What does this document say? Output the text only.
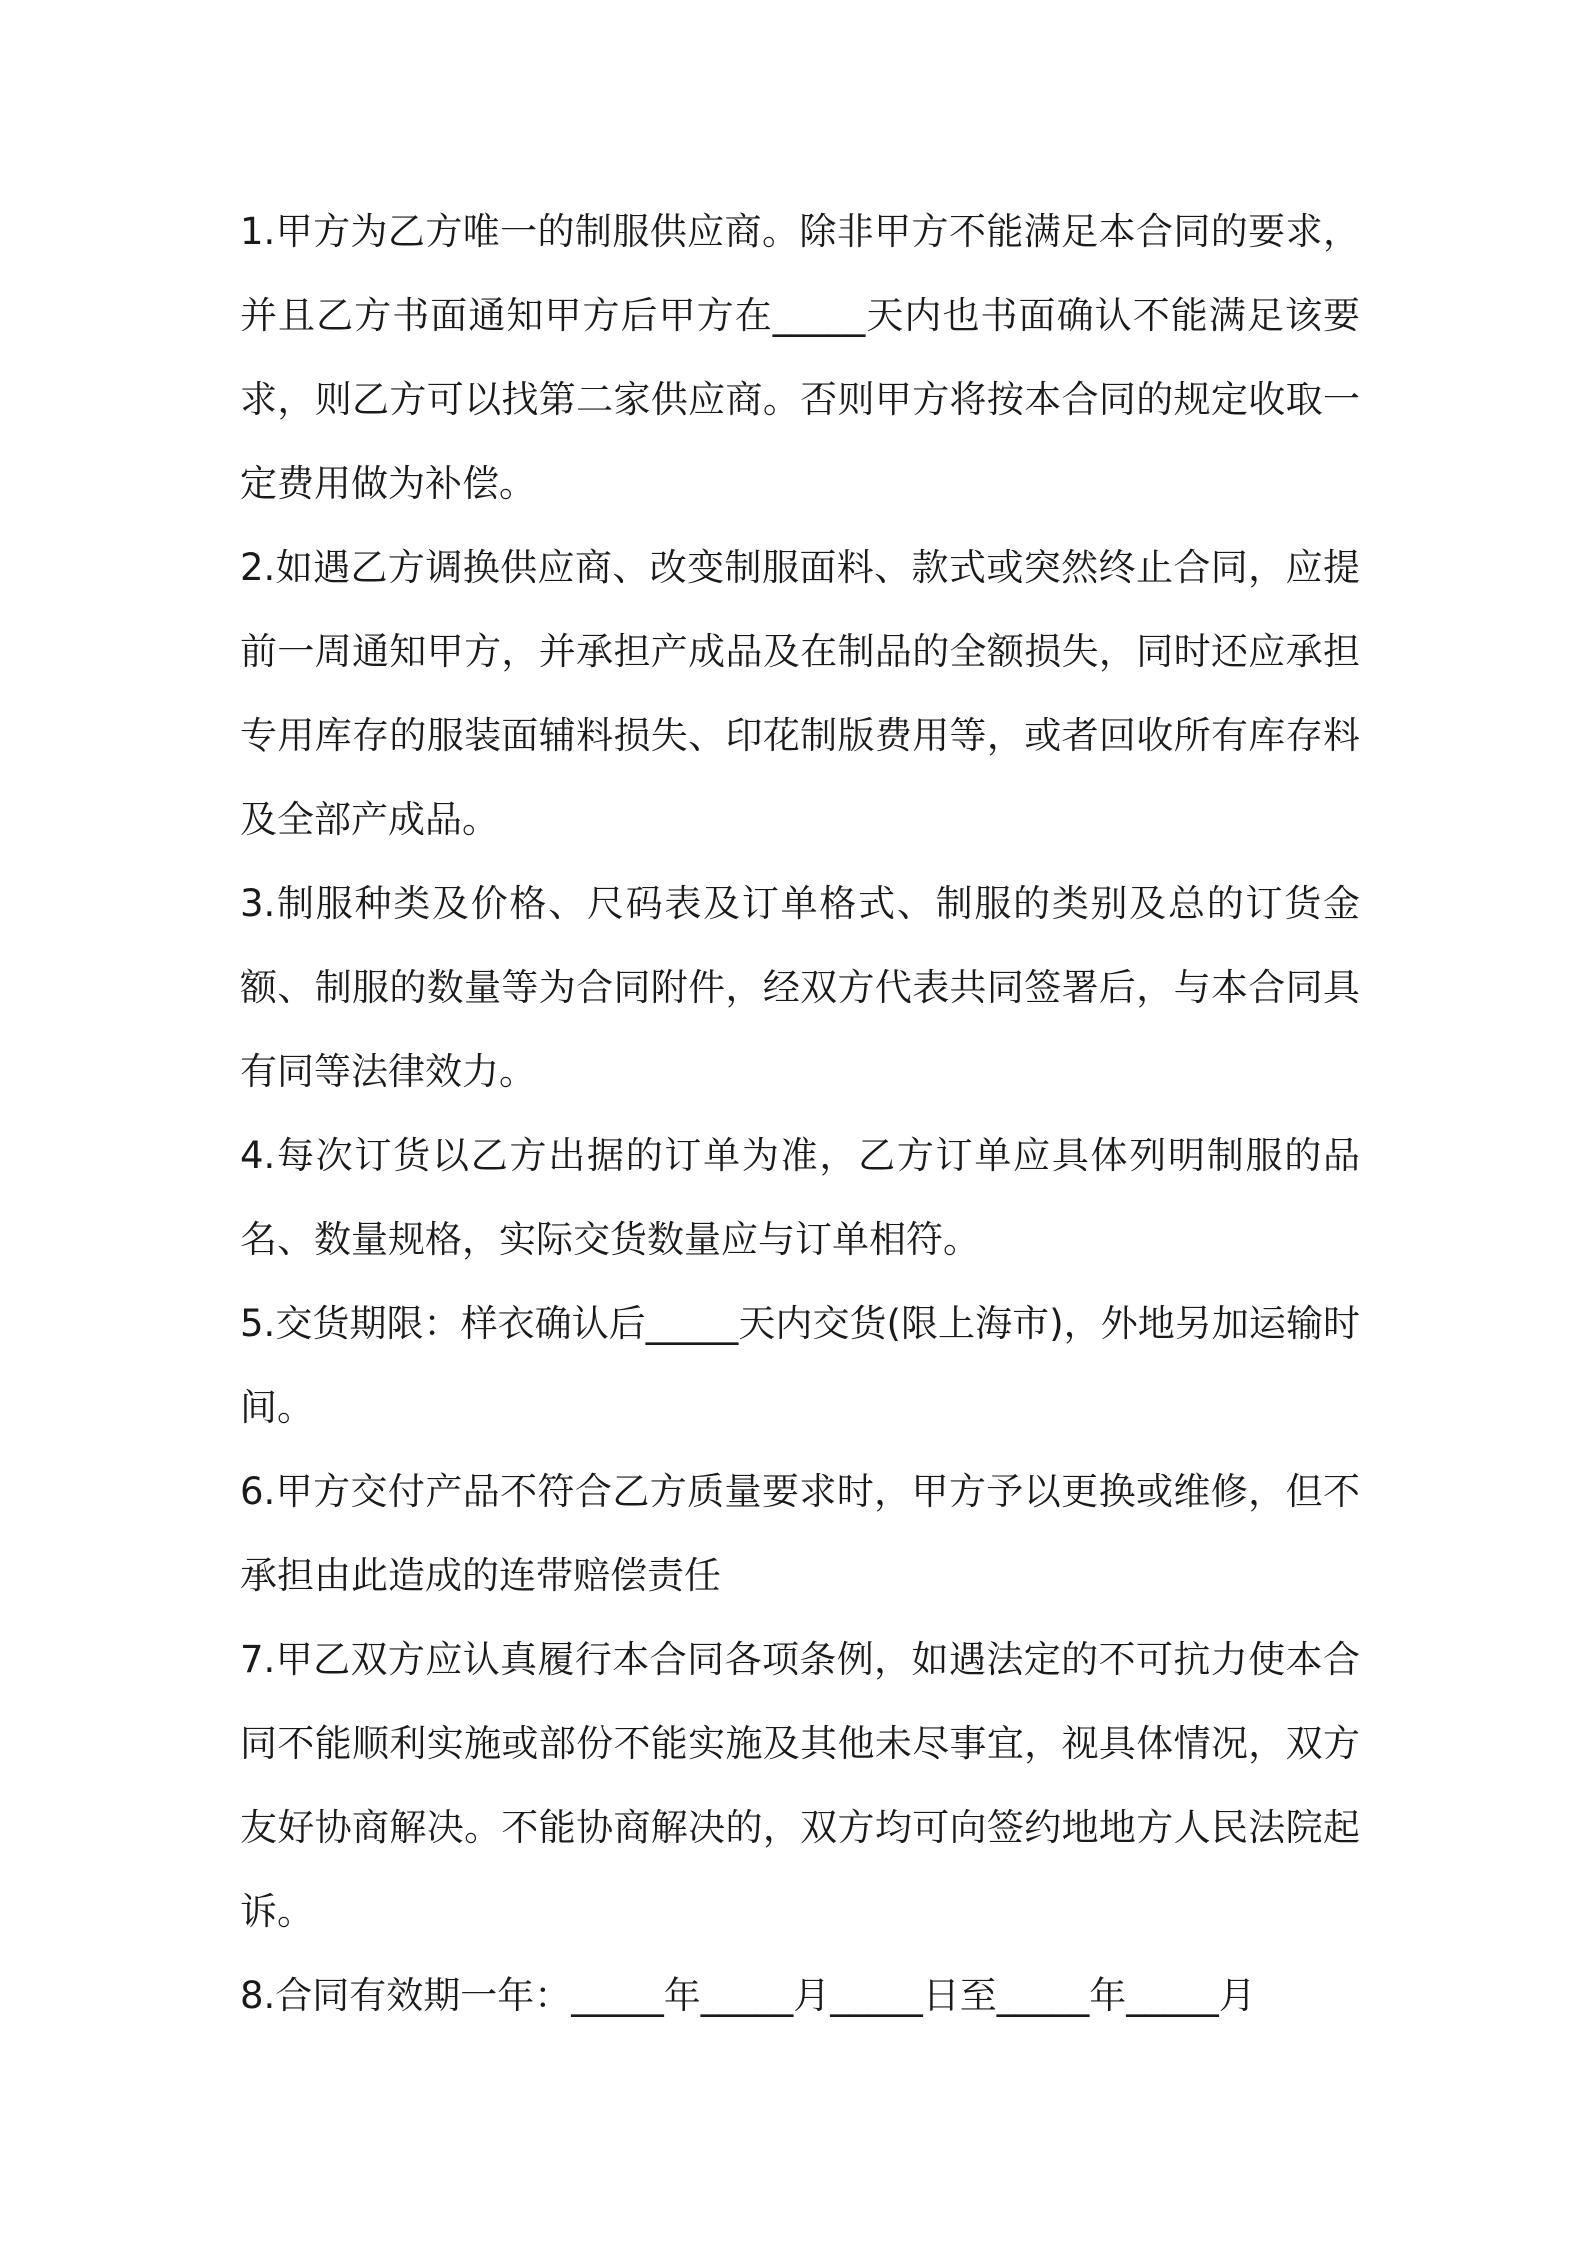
1.甲方为乙方唯一的制服供应商。除非甲方不能满足本合同的要求，并且乙方书面通知甲方后甲方在_____天内也书面确认不能满足该要求，则乙方可以找第二家供应商。否则甲方将按本合同的规定收取一定费用做为补偿。

2.如遇乙方调换供应商、改变制服面料、款式或突然终止合同，应提前一周通知甲方，并承担产成品及在制品的全额损失，同时还应承担专用库存的服装面辅料损失、印花制版费用等，或者回收所有库存料及全部产成品。

3.制服种类及价格、尺码表及订单格式、制服的类别及总的订货金额、制服的数量等为合同附件，经双方代表共同签署后，与本合同具有同等法律效力。

4.每次订货以乙方出据的订单为准，乙方订单应具体列明制服的品名、数量规格，实际交货数量应与订单相符。

5.交货期限：样衣确认后_____天内交货(限上海市)，外地另加运输时间。

6.甲方交付产品不符合乙方质量要求时，甲方予以更换或维修，但不承担由此造成的连带赔偿责任

7.甲乙双方应认真履行本合同各项条例，如遇法定的不可抗力使本合同不能顺利实施或部份不能实施及其他未尽事宜，视具体情况，双方友好协商解决。不能协商解决的，双方均可向签约地地方人民法院起诉。

8.合同有效期一年：_____年_____月_____日至_____年_____月
